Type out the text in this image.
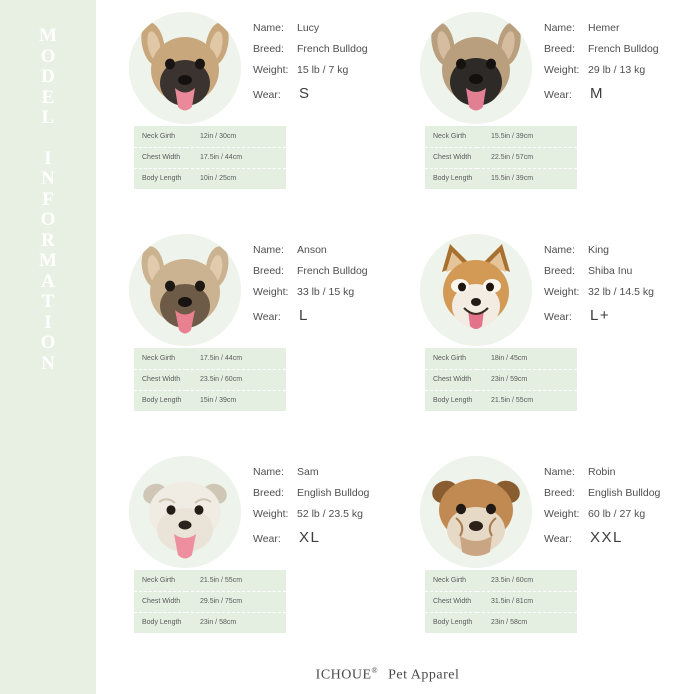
M
O
D
E
L
I
N
F
O
R
M
A
T
I
O
N
Name:	Lucy
Breed:	French Bulldog
Weight: 15 lb / 7 kg
Wear:	S
Neck Girth	12in / 30cm
Chest Width	17.5in / 44cm
Body Length	10in / 25cm
Name:	Hemer
Breed:	French Bulldog
Weight: 29 lb / 13 kg
Wear:	M
Neck Girth	15.5in / 39cm
Chest Width	22.5in / 57cm
Body Length	15.5in / 39cm
Name:	Anson
Breed:	French Bulldog
Weight: 33 lb / 15 kg
Wear:	L
Neck Girth	17.5in / 44cm
Chest Width	23.5in / 60cm
Body Length	15in / 39cm
Name:	King
Breed:	Shiba Inu
Weight: 32 lb / 14.5 kg
Wear:	L+
Neck Girth	18in / 45cm
Chest Width	23in / 59cm
Body Length	21.5in / 55cm
Name:	Sam
Breed:	English Bulldog
Weight: 52 lb / 23.5 kg
Wear:	XL
Neck Girth	21.5in / 55cm
Chest Width	29.5in / 75cm
Body Length	23in / 58cm
Name:	Robin
Breed:	English Bulldog
Weight: 60 lb / 27 kg
Wear:	XXL
Neck Girth	23.5in / 60cm
Chest Width	31.5in / 81cm
Body Length	23in / 58cm
ICHOUE® Pet Apparel
